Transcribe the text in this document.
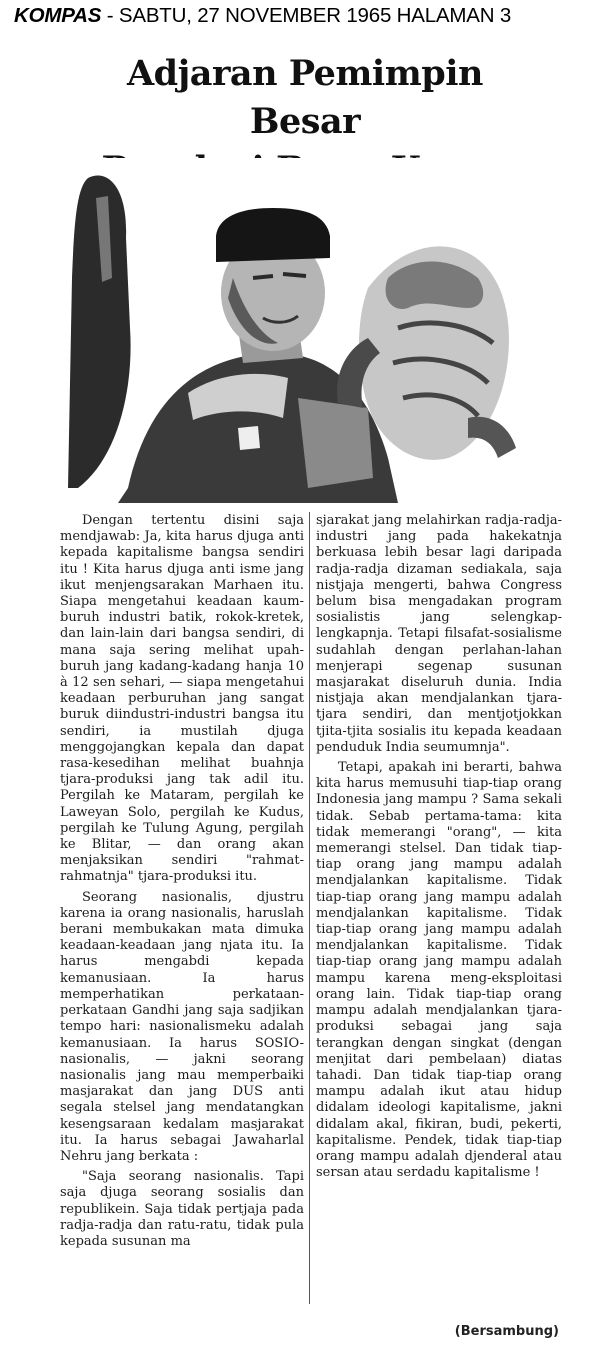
KOMPAS - SABTU, 27 NOVEMBER 1965 HALAMAN 3
Adjaran Pemimpin Besar

Dengan tertentu disini saja mendjawab: Ja, kita harus djuga anti kepada kapitalisme bangsa sendiri itu ! Kita harus djuga anti isme jang ikut menjengsarakan Marhaen itu. Siapa mengetahui keadaan kaum-buruh industri batik, rokok-kretek, dan lain-lain dari bangsa sendiri, di mana saja sering melihat upah-buruh jang kadang-kadang hanja 10 à 12 sen sehari, — siapa mengetahui keadaan perburuhan jang sangat buruk diindustri-industri bangsa itu sendiri, ia mustilah djuga menggojangkan kepala dan dapat rasa-kesedihan melihat buahnja tjara-produksi jang tak adil itu. Pergilah ke Mataram, pergilah ke Laweyan Solo, pergilah ke Kudus, pergilah ke Tulung Agung, pergilah ke Blitar, — dan orang akan menjaksikan sendiri "rahmat-rahmatnja" tjara-produksi itu.

Seorang nasionalis, djustru karena ia orang nasionalis, haruslah berani membukakan mata dimuka keadaan-keadaan jang njata itu. Ia harus mengabdi kepada kemanusiaan. Ia harus memperhatikan perkataan-perkataan Gandhi jang saja sadjikan tempo hari: nasionalismeku adalah kemanusiaan. Ia harus SOSIO-nasionalis, — jakni seorang nasionalis jang mau memperbaiki masjarakat dan jang DUS anti segala stelsel jang mendatangkan kesengsaraan kedalam masjarakat itu. Ia harus sebagai Jawaharlal Nehru jang berkata :

"Saja seorang nasionalis. Tapi saja djuga seorang sosialis dan republikein. Saja tidak pertjaja pada radja-radja dan ratu-ratu, tidak pula kepada susunan ma

sjarakat jang melahirkan radja-radja-industri jang pada hakekatnja berkuasa lebih besar lagi daripada radja-radja dizaman sediakala, saja nistjaja mengerti, bahwa Congress belum bisa mengadakan program sosialistis jang selengkap-lengkapnja. Tetapi filsafat-sosialisme sudahlah dengan perlahan-lahan menjerapi segenap susunan masjarakat diseluruh dunia. India nistjaja akan mendjalankan tjara-tjara sendiri, dan mentjotjokkan tjita-tjita sosialis itu kepada keadaan penduduk India seumumnja".

Tetapi, apakah ini berarti, bahwa kita harus memusuhi tiap-tiap orang Indonesia jang mampu ? Sama sekali tidak. Sebab pertama-tama: kita tidak memerangi "orang", — kita memerangi stelsel. Dan tidak tiap-tiap orang jang mampu adalah mendjalankan kapitalisme. Tidak tiap-tiap orang jang mampu adalah mendjalankan kapitalisme. Tidak tiap-tiap orang jang mampu adalah mendjalankan kapitalisme. Tidak tiap-tiap orang jang mampu adalah mampu karena meng-eksploitasi orang lain. Tidak tiap-tiap orang mampu adalah mendjalankan tjara-produksi sebagai jang saja terangkan dengan singkat (dengan menjitat dari pembelaan) diatas tahadi. Dan tidak tiap-tiap orang mampu adalah ikut atau hidup didalam ideologi kapitalisme, jakni didalam akal, fikiran, budi, pekerti, kapitalisme. Pendek, tidak tiap-tiap orang mampu adalah djenderal atau sersan atau serdadu kapitalisme !

(Bersambung)
